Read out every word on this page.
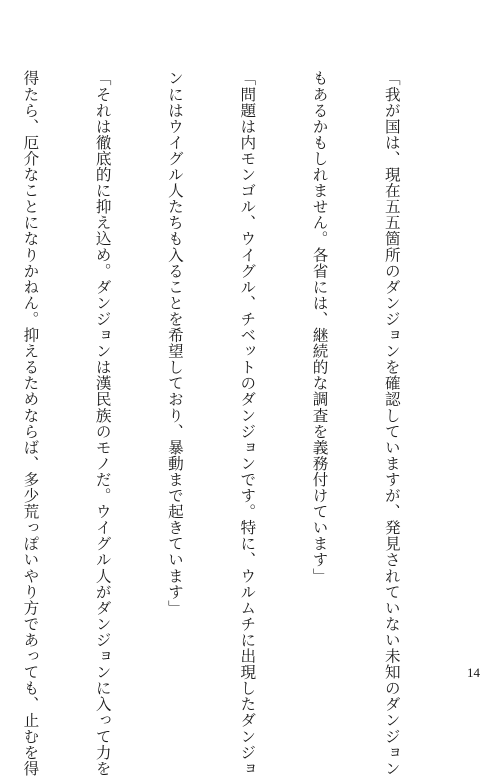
「我が国は、現在五五箇所のダンジョンを確認していますが、発見されていない未知のダンジョン

もあるかもしれません。各省には、継続的な調査を義務付けています」

「問題は内モンゴル、ウイグル、チベットのダンジョンです。特に、ウルムチに出現したダンジョ

ンにはウイグル人たちも入ることを希望しており、暴動まで起きています」

「それは徹底的に抑え込め。ダンジョンは漢民族のモノだ。ウイグル人がダンジョンに入って力を

得たら、厄介なことになりかねん。抑えるためならば、多少荒っぽいやり方であっても、止むを得

	14
